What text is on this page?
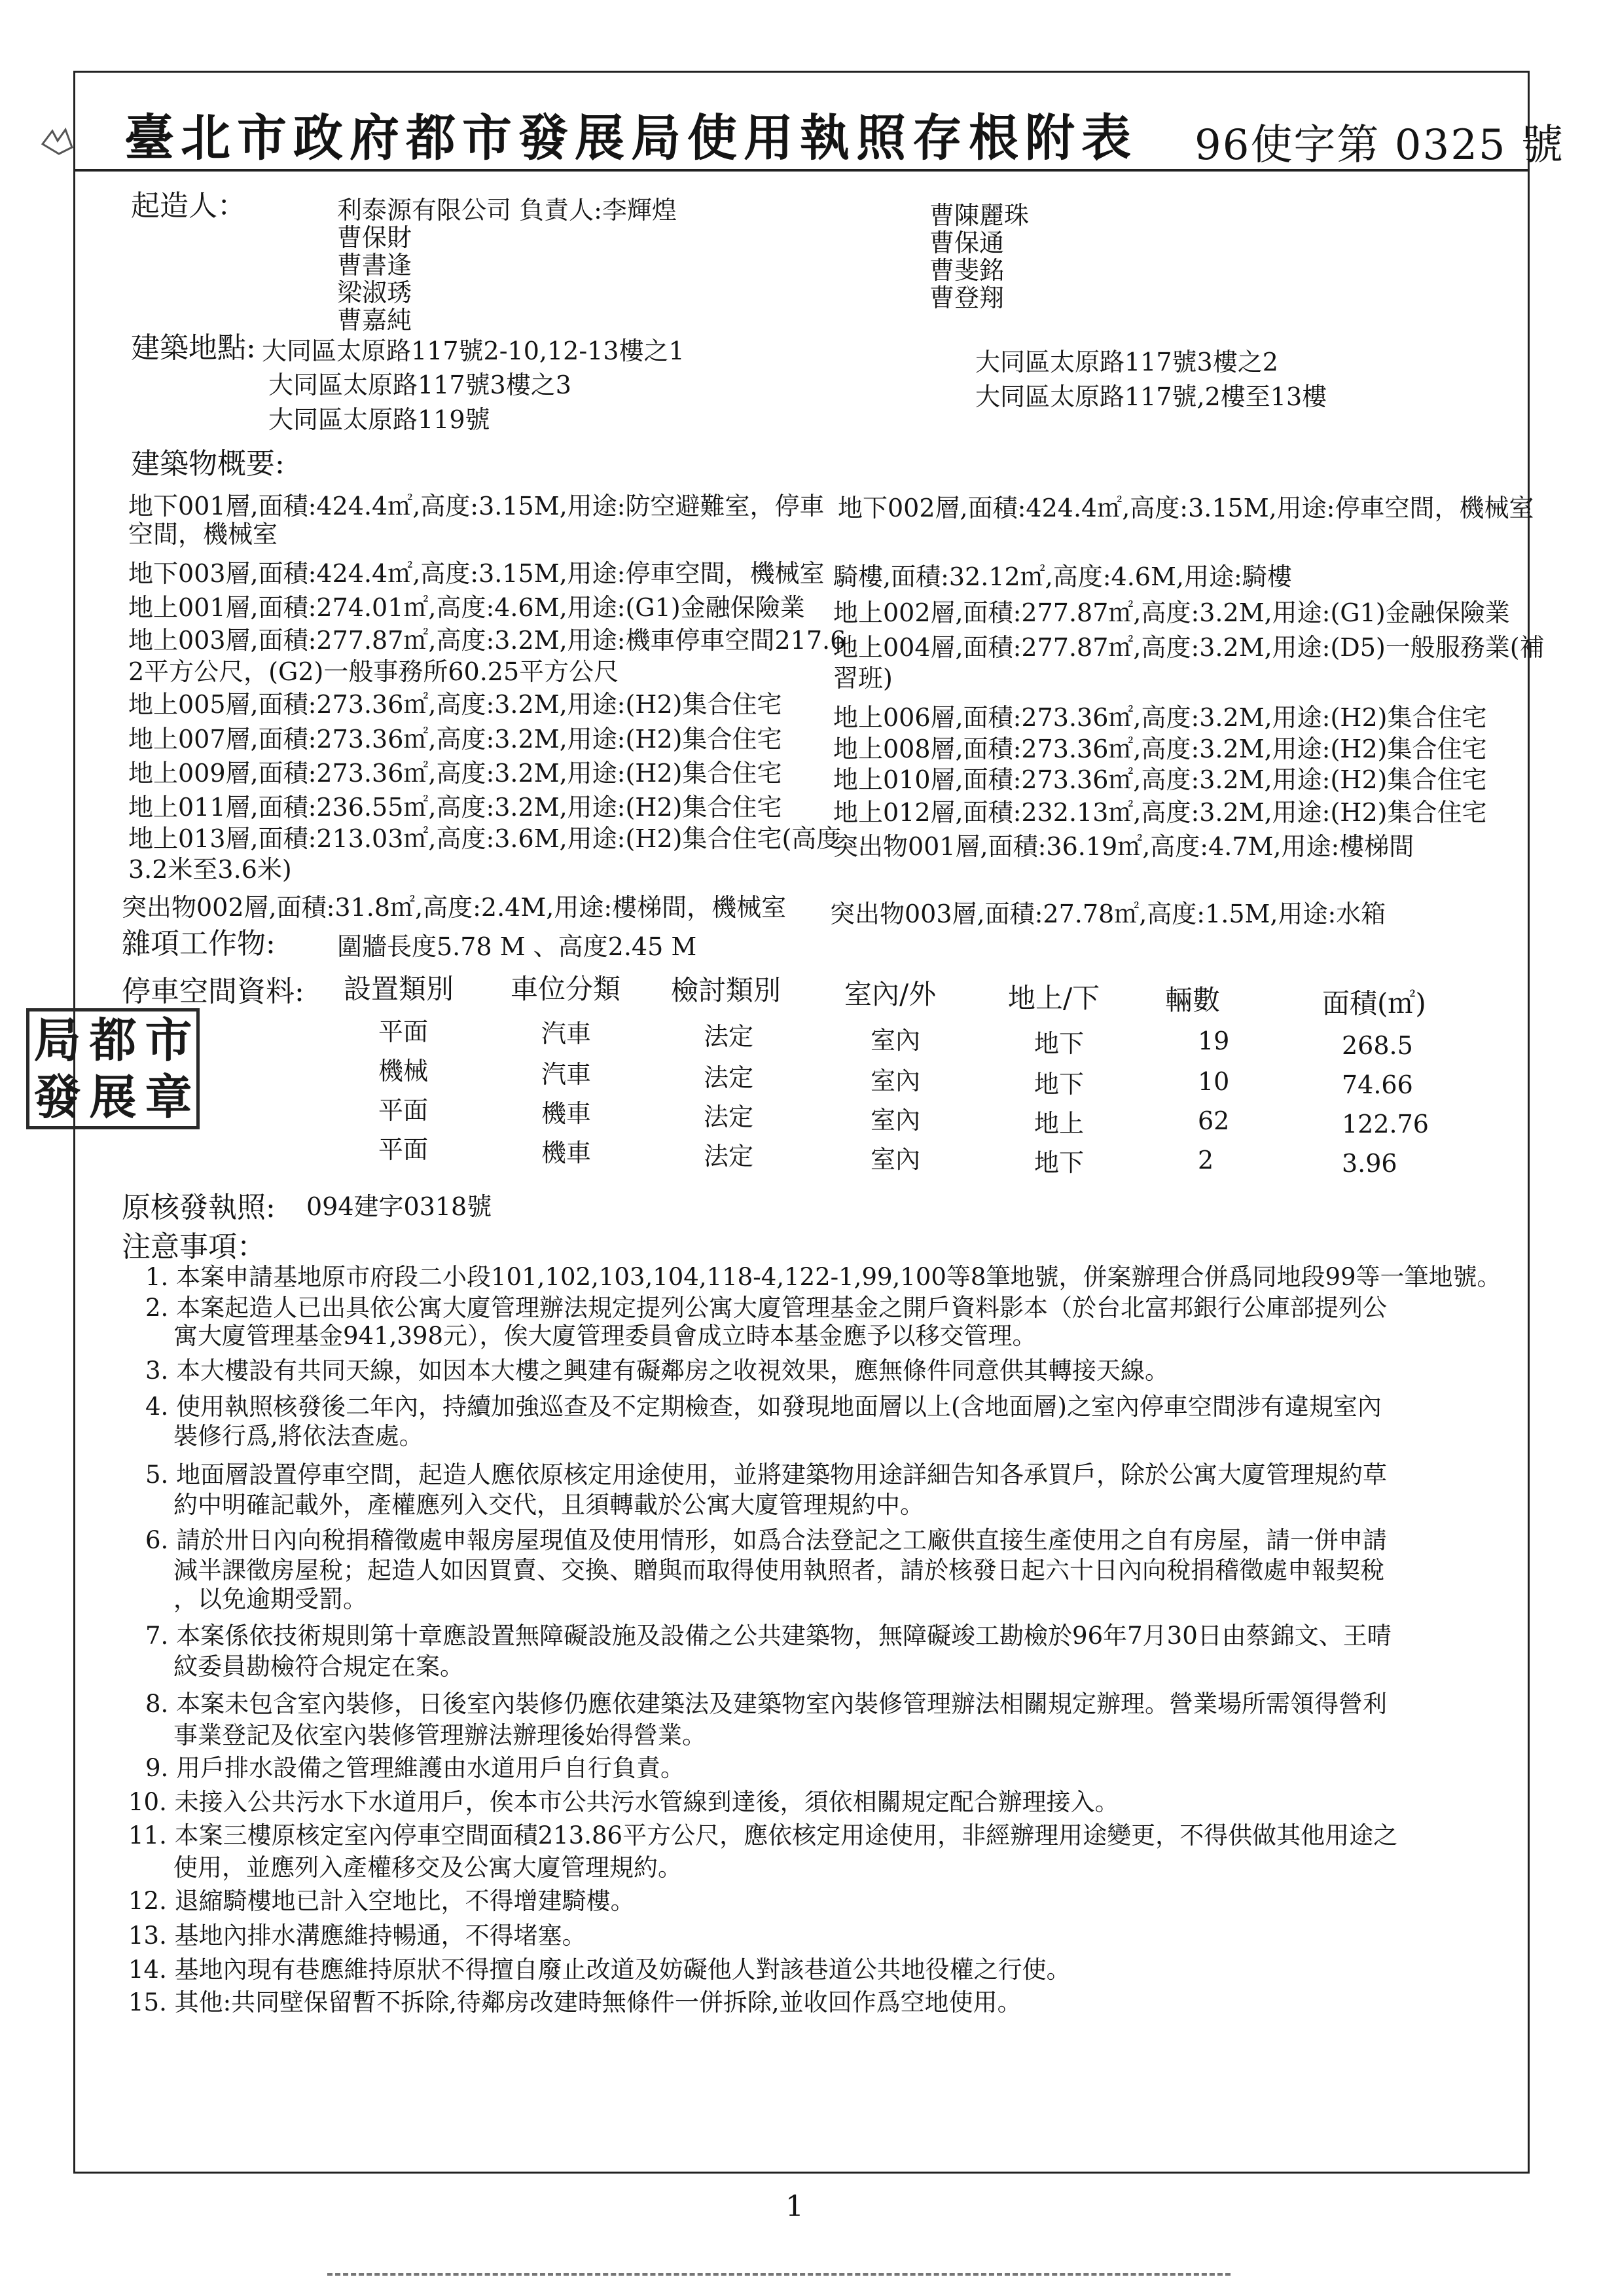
臺北市政府都市發展局使用執照存根附表 96使字第 0325 號
起造人：	利泰源有限公司 負責人:李輝煌
曹保財
曹書逢
梁淑琇
曹嘉純
曹陳麗珠
曹保通
曹斐銘
曹登翔
建築地點: 大同區太原路117號2-10,12-13樓之1
大同區太原路117號3樓之3
大同區太原路119號
大同區太原路117號3樓之2
大同區太原路117號,2樓至13樓
建築物概要:
地下001層,面積:424.4㎡,高度:3.15M,用途:防空避難室，停車
空間，機械室
地下002層,面積:424.4㎡,高度:3.15M,用途:停車空間，機械室
地下003層,面積:424.4㎡,高度:3.15M,用途:停車空間，機械室 騎樓,面積:32.12㎡,高度:4.6M,用途:騎樓
地上001層,面積:274.01㎡,高度:4.6M,用途:(G1)金融保險業 地上002層,面積:277.87㎡,高度:3.2M,用途:(G1)金融保險業
地上003層,面積:277.87㎡,高度:3.2M,用途:機車停車空間217.6
2平方公尺，(G2)一般事務所60.25平方公尺
地上004層,面積:277.87㎡,高度:3.2M,用途:(D5)一般服務業(補
習班)
地上005層,面積:273.36㎡,高度:3.2M,用途:(H2)集合住宅 地上006層,面積:273.36㎡,高度:3.2M,用途:(H2)集合住宅
地上007層,面積:273.36㎡,高度:3.2M,用途:(H2)集合住宅 地上008層,面積:273.36㎡,高度:3.2M,用途:(H2)集合住宅
地上009層,面積:273.36㎡,高度:3.2M,用途:(H2)集合住宅 地上010層,面積:273.36㎡,高度:3.2M,用途:(H2)集合住宅
地上011層,面積:236.55㎡,高度:3.2M,用途:(H2)集合住宅 地上012層,面積:232.13㎡,高度:3.2M,用途:(H2)集合住宅
地上013層,面積:213.03㎡,高度:3.6M,用途:(H2)集合住宅(高度
3.2米至3.6米)
突出物001層,面積:36.19㎡,高度:4.7M,用途:樓梯間
突出物002層,面積:31.8㎡,高度:2.4M,用途:樓梯間，機械室 突出物003層,面積:27.78㎡,高度:1.5M,用途:水箱
雜項工作物: 圍牆長度5.78 M 、高度2.45 M
停車空間資料: 設置類別 車位分類 檢討類別 室內/外	地上/下 輛數	面積(㎡)
平面	汽車	法定	室內	地下	19	268.5
機械	汽車	法定	室內	地下	10	74.66
平面	機車	法定	室內	地上	62	122.76
平面	機車	法定	室內	地下	2	3.96
局 都 市
發 展 章
原核發執照: 094建字0318號
注意事項：
1. 本案申請基地原市府段二小段101,102,103,104,118-4,122-1,99,100等8筆地號，併案辦理合併爲同地段99等一筆地號。
2. 本案起造人已出具依公寓大廈管理辦法規定提列公寓大廈管理基金之開戶資料影本（於台北富邦銀行公庫部提列公
寓大廈管理基金941,398元），俟大廈管理委員會成立時本基金應予以移交管理。
3. 本大樓設有共同天線，如因本大樓之興建有礙鄰房之收視效果，應無條件同意供其轉接天線。
4. 使用執照核發後二年內，持續加強巡查及不定期檢查，如發現地面層以上(含地面層)之室內停車空間涉有違規室內
裝修行爲,將依法查處。
5. 地面層設置停車空間，起造人應依原核定用途使用，並將建築物用途詳細告知各承買戶，除於公寓大廈管理規約草
約中明確記載外，產權應列入交代，且須轉載於公寓大廈管理規約中。
6. 請於卅日內向稅捐稽徵處申報房屋現值及使用情形，如爲合法登記之工廠供直接生產使用之自有房屋，請一併申請
減半課徵房屋稅；起造人如因買賣、交換、贈與而取得使用執照者，請於核發日起六十日內向稅捐稽徵處申報契稅
，以免逾期受罰。
7. 本案係依技術規則第十章應設置無障礙設施及設備之公共建築物，無障礙竣工勘檢於96年7月30日由蔡錦文、王晴
紋委員勘檢符合規定在案。
8. 本案未包含室內裝修，日後室內裝修仍應依建築法及建築物室內裝修管理辦法相關規定辦理。營業場所需領得營利
事業登記及依室內裝修管理辦法辦理後始得營業。
9. 用戶排水設備之管理維護由水道用戶自行負責。
10. 未接入公共污水下水道用戶，俟本市公共污水管線到達後，須依相關規定配合辦理接入。
11. 本案三樓原核定室內停車空間面積213.86平方公尺，應依核定用途使用，非經辦理用途變更，不得供做其他用途之
使用，並應列入產權移交及公寓大廈管理規約。
12. 退縮騎樓地已計入空地比，不得增建騎樓。
13. 基地內排水溝應維持暢通，不得堵塞。
14. 基地內現有巷應維持原狀不得擅自廢止改道及妨礙他人對該巷道公共地役權之行使。
15. 其他:共同壁保留暫不拆除,待鄰房改建時無條件一併拆除,並收回作爲空地使用。
1
